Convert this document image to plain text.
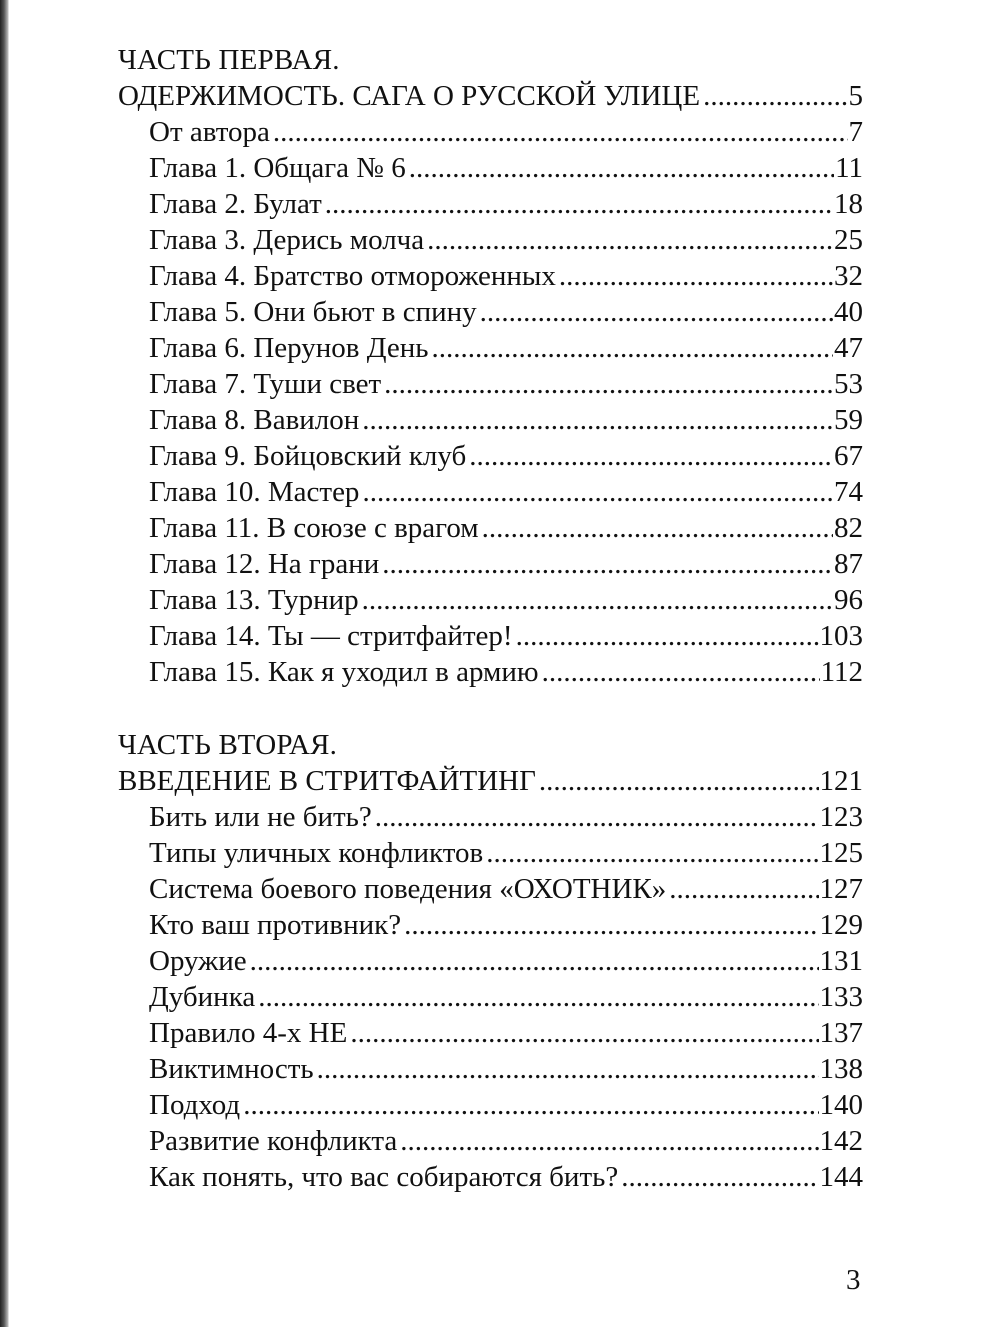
ЧАСТЬ ПЕРВАЯ.
ОДЕРЖИМОСТЬ. САГА О РУССКОЙ УЛИЦЕ .....	5
От автора .....	7
Глава 1. Общага № 6 .....	11
Глава 2. Булат .....	18
Глава 3. Дерись молча .....	25
Глава 4. Братство отмороженных .....	32
Глава 5. Они бьют в спину .....	40
Глава 6. Перунов День .....	47
Глава 7. Туши свет .....	53
Глава 8. Вавилон .....	59
Глава 9. Бойцовский клуб .....	67
Глава 10. Мастер .....	74
Глава 11. В союзе с врагом .....	82
Глава 12. На грани .....	87
Глава 13. Турнир .....	96
Глава 14. Ты — стритфайтер! .....	103
Глава 15. Как я уходил в армию .....	112
ЧАСТЬ ВТОРАЯ.
ВВЕДЕНИЕ В СТРИТФАЙТИНГ .....	121
Бить или не бить? .....	123
Типы уличных конфликтов .....	125
Система боевого поведения «ОХОТНИК» .....	127
Кто ваш противник? .....	129
Оружие .....	131
Дубинка .....	133
Правило 4-х НЕ .....	137
Виктимность .....	138
Подход .....	140
Развитие конфликта .....	142
Как понять, что вас собираются бить? .....	144
3
